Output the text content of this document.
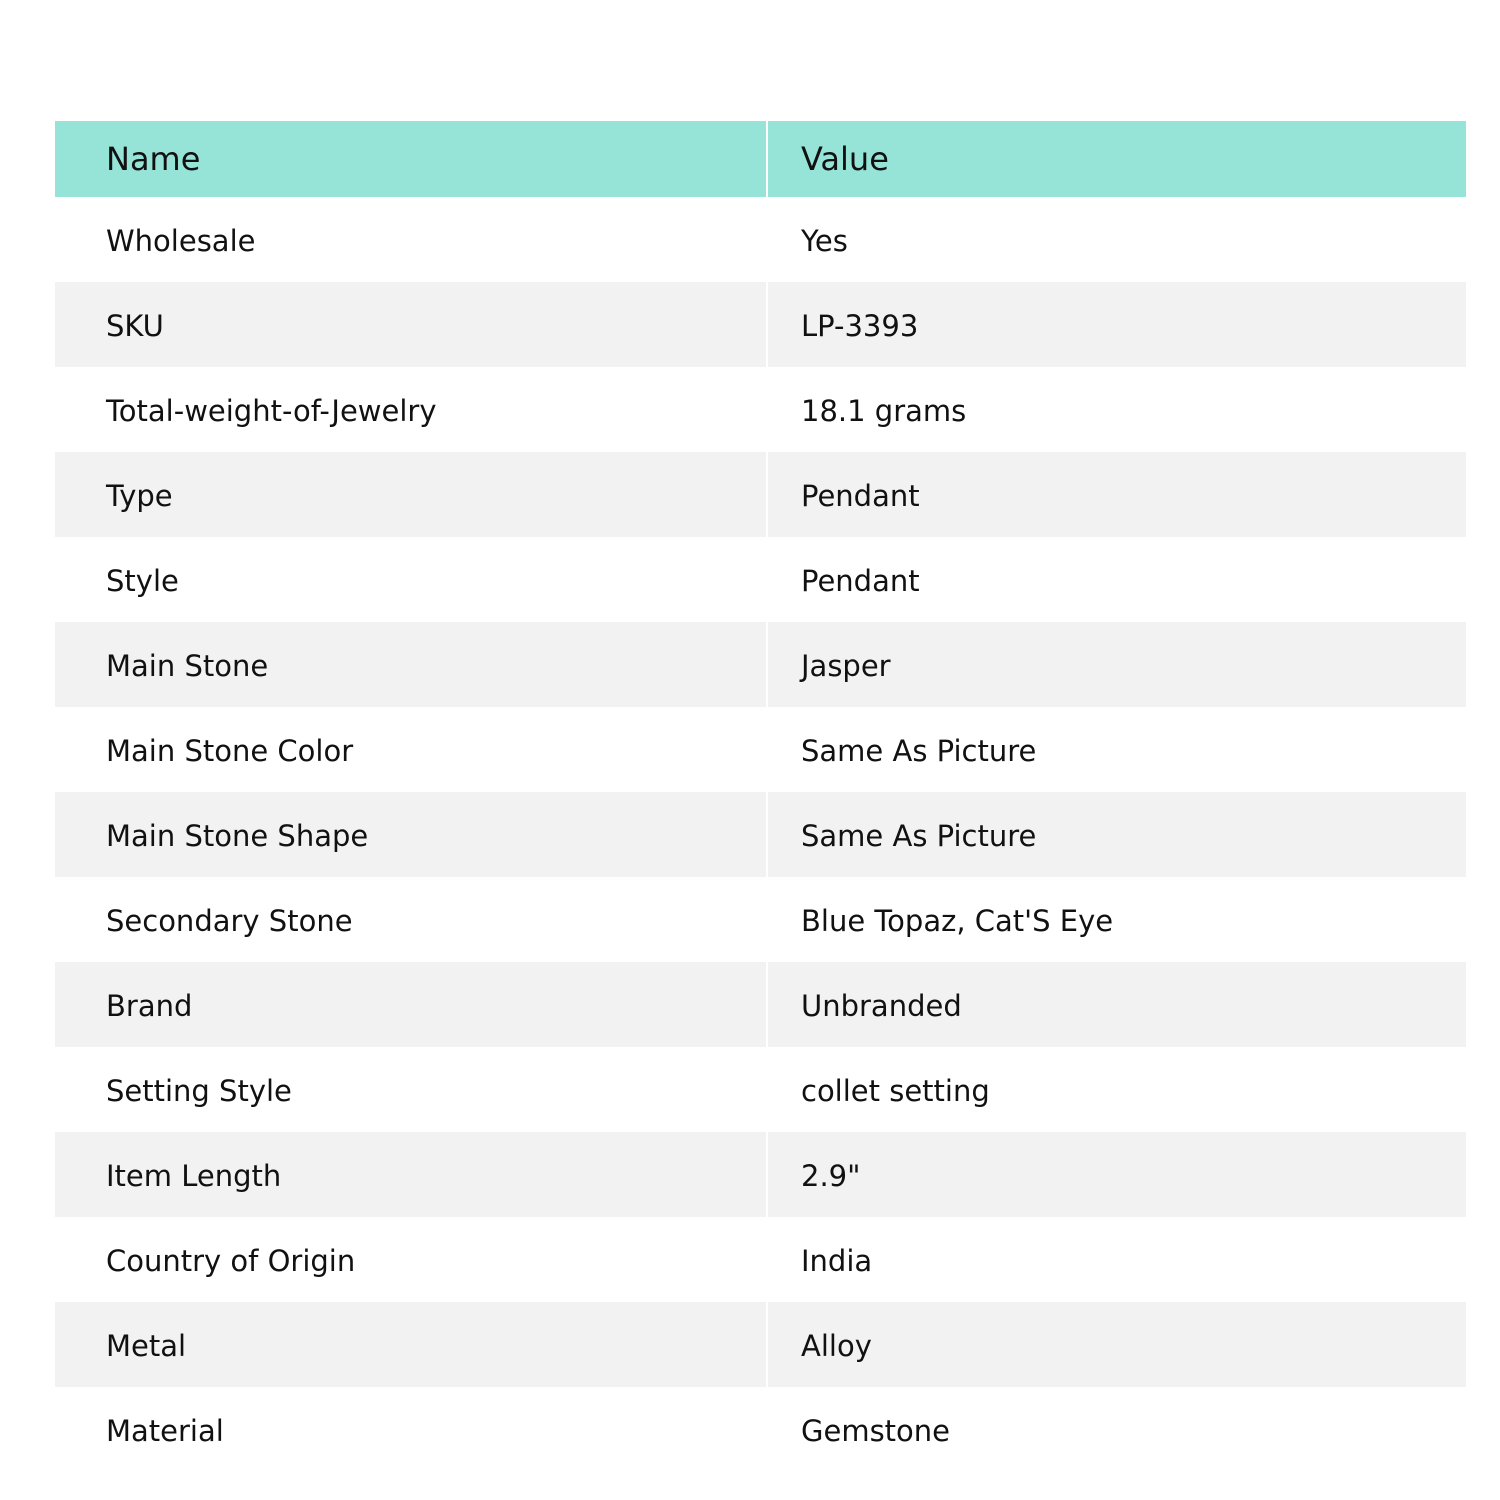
Name	Value
Wholesale	Yes
SKU	LP-3393
Total-weight-of-Jewelry	18.1 grams
Type	Pendant
Style	Pendant
Main Stone	Jasper
Main Stone Color	Same As Picture
Main Stone Shape	Same As Picture
Secondary Stone	Blue Topaz, Cat'S Eye
Brand	Unbranded
Setting Style	collet setting
Item Length	2.9"
Country of Origin	India
Metal	Alloy
Material	Gemstone
